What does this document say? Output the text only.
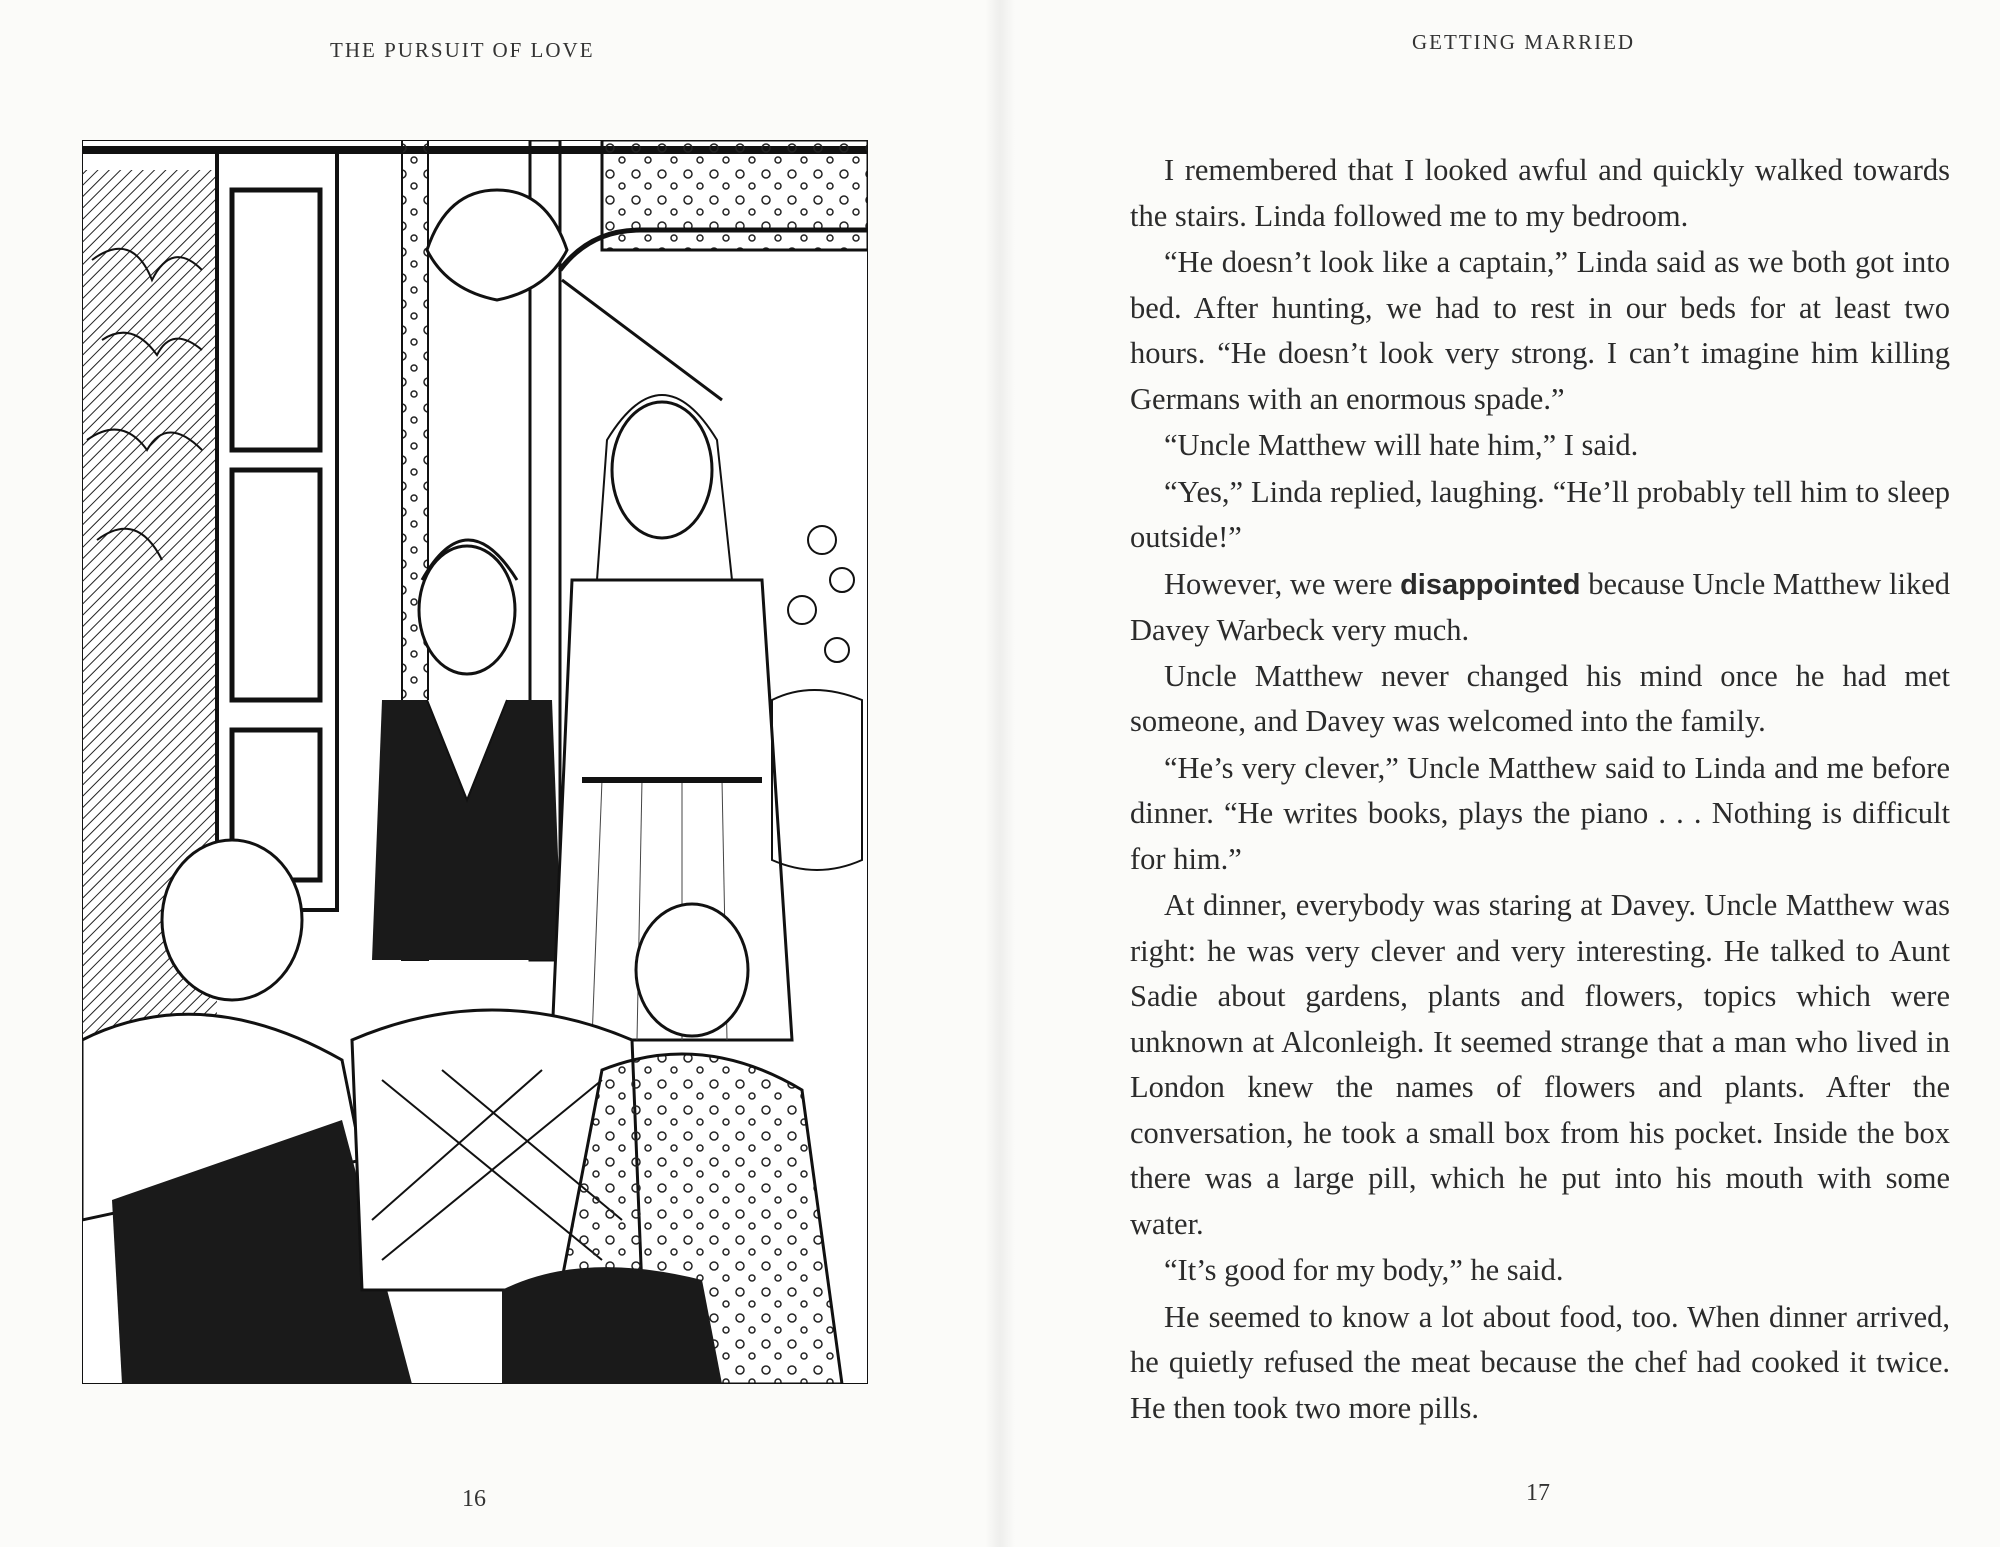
THE PURSUIT OF LOVE	GETTING MARRIED

I remembered that I looked awful and quickly walked towards the stairs. Linda followed me to my bedroom.

“He doesn’t look like a captain,” Linda said as we both got into bed. After hunting, we had to rest in our beds for at least two hours. “He doesn’t look very strong. I can’t imagine him killing Germans with an enormous spade.”

“Uncle Matthew will hate him,” I said.

“Yes,” Linda replied, laughing. “He’ll probably tell him to sleep outside!”

However, we were disappointed because Uncle Matthew liked Davey Warbeck very much.

Uncle Matthew never changed his mind once he had met someone, and Davey was welcomed into the family.

“He’s very clever,” Uncle Matthew said to Linda and me before dinner. “He writes books, plays the piano . . . Nothing is difficult for him.”

At dinner, everybody was staring at Davey. Uncle Matthew was right: he was very clever and very interesting. He talked to Aunt Sadie about gardens, plants and flowers, topics which were unknown at Alconleigh. It seemed strange that a man who lived in London knew the names of flowers and plants. After the conversation, he took a small box from his pocket. Inside the box there was a large pill, which he put into his mouth with some water.

“It’s good for my body,” he said.

He seemed to know a lot about food, too. When dinner arrived, he quietly refused the meat because the chef had cooked it twice. He then took two more pills.

16	17
